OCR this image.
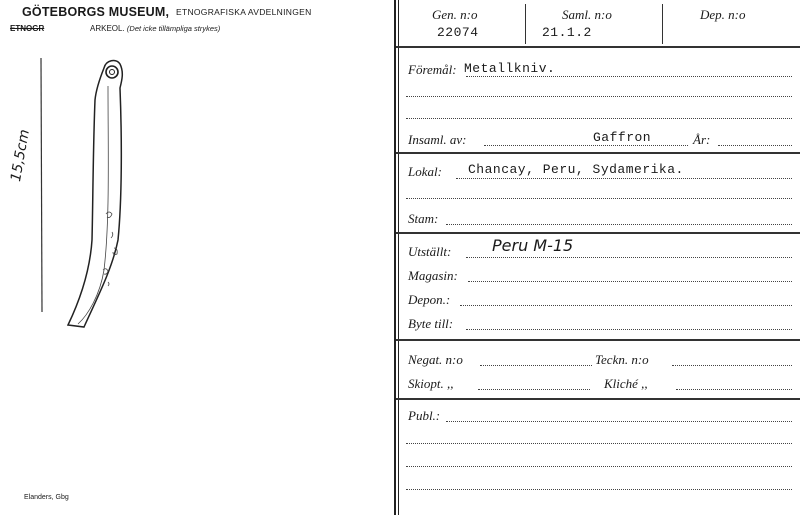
GÖTEBORGS MUSEUM, ETNOGRAFISKA AVDELNINGEN
ETNOGR	ARKEOL. (Det icke tillämpliga strykes)
15,5cm
Elanders, Gbg
Gen. n:o
22074
Saml. n:o
21.1.2
Dep. n:o
Föremål: Metallkniv.
Insaml. av:	Gaffron	År:
Lokal: Chancay, Peru, Sydamerika.
Stam:
Utställt:	Peru M-15
Magasin:
Depon.:
Byte till:
Negat. n:o	Teckn. n:o
Skiopt. ,,	Kliché ,,
Publ.:
